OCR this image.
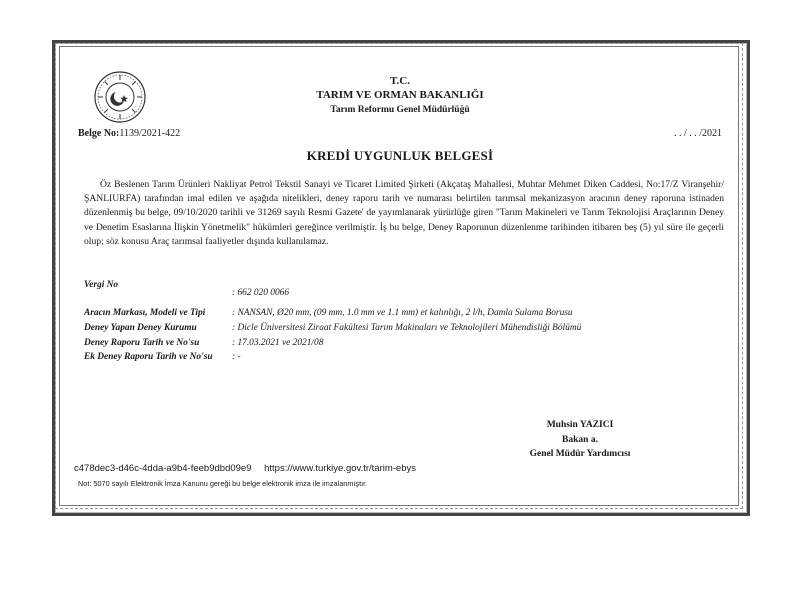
T.C.
TARIM VE ORMAN BAKANLIĞI
Tarım Reformu Genel Müdürlüğü
Belge No:1139/2021-422	. . / . . /2021
KREDİ UYGUNLUK BELGESİ
Öz Beslenen Tarım Ürünleri Nakliyat Petrol Tekstil Sanayi ve Ticaret Limited Şirketi (Akçataş Mahallesi, Muhtar Mehmet Diken Caddesi, No:17/Z Viranşehir/ŞANLIURFA) tarafından imal edilen ve aşağıda nitelikleri, deney raporu tarih ve numarası belirtilen tarımsal mekanizasyon aracının deney raporuna istinaden düzenlenmiş bu belge, 09/10/2020 tarihli ve 31269 sayılı Resmi Gazete' de yayımlanarak yürürlüğe giren "Tarım Makineleri ve Tarım Teknolojisi Araçlarının Deney ve Denetim Esaslarına İlişkin Yönetmelik" hükümleri gereğince verilmiştir. İş bu belge, Deney Raporunun düzenlenme tarihinden itibaren beş (5) yıl süre ile geçerli olup; söz konusu Araç tarımsal faaliyetler dışında kullanılamaz.
Vergi No
: 662 020 0066
Aracın Markası, Modeli ve Tipi	: NANSAN, Ø20 mm, (09 mm, 1.0 mm ve 1.1 mm) et kalınlığı, 2 l/h, Damla Sulama Borusu
Deney Yapan Deney Kurumu	: Dicle Üniversitesi Ziraat Fakültesi Tarım Makinaları ve Teknolojileri Mühendisliği Bölümü
Deney Raporu Tarih ve No'su	: 17.03.2021 ve 2021/08
Ek Deney Raporu Tarih ve No'su : -
Muhsin YAZICI
Bakan a.
Genel Müdür Yardımcısı
c478dec3-d46c-4dda-a9b4-feeb9dbd09e9 https://www.turkiye.gov.tr/tarim-ebys
Not: 5070 sayılı Elektronik İmza Kanunu gereği bu belge elektronik imza ile imzalanmıştır.
